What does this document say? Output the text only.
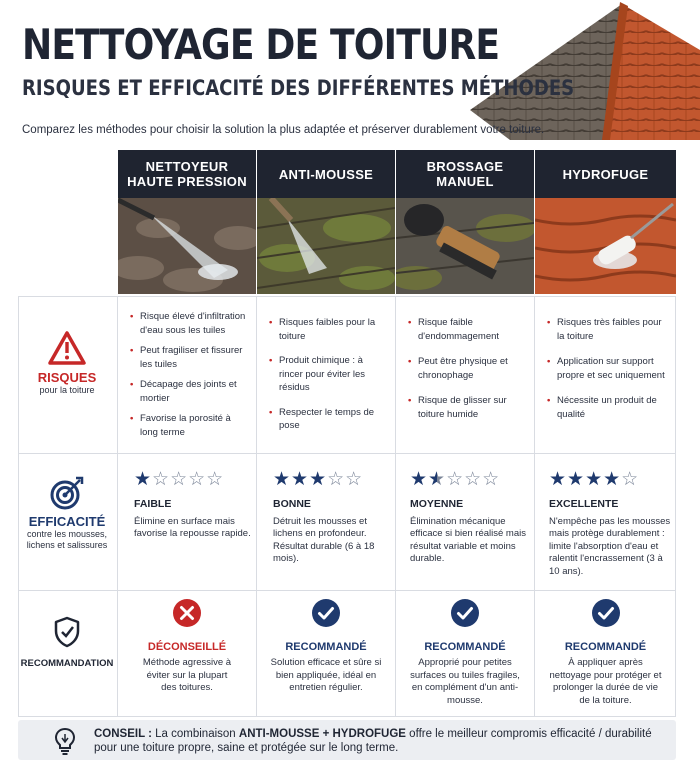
NETTOYAGE DE TOITURE
RISQUES ET EFFICACITÉ DES DIFFÉRENTES MÉTHODES
Comparez les méthodes pour choisir la solution la plus adaptée et préserver durablement votre toiture.
NETTOYEUR
HAUTE PRESSION ANTI-MOUSSE	BROSSAGE
MANUEL	HYDROFUGE
RISQUES
pour la toiture
• Risque élevé d'infiltration d'eau sous les tuiles
• Peut fragiliser et fissurer les tuiles
• Décapage des joints et mortier
• Favorise la porosité à long terme
• Risques faibles pour la toiture
• Produit chimique : à rincer pour éviter les résidus
• Respecter le temps de pose
• Risque faible d'endommagement
• Peut être physique et chronophage
• Risque de glisser sur toiture humide
• Risques très faibles pour la toiture
• Application sur support propre et sec uniquement
• Nécessite un produit de qualité
EFFICACITÉ
contre les mousses, lichens et salissures
★☆☆☆☆
FAIBLE
Élimine en surface mais favorise la repousse rapide.
★★★☆☆
BONNE
Détruit les mousses et lichens en profondeur. Résultat durable (6 à 18 mois).
★★☆☆☆
MOYENNE
Élimination mécanique efficace si bien réalisé mais résultat variable et moins durable.
★★★★☆
EXCELLENTE
N'empêche pas les mousses mais protège durablement : limite l'absorption d'eau et ralentit l'encrassement (3 à 10 ans).
RECOMMANDATION
DÉCONSEILLÉ
Méthode agressive à éviter sur la plupart des toitures.
RECOMMANDÉ
Solution efficace et sûre si bien appliquée, idéal en entretien régulier.
RECOMMANDÉ
Approprié pour petites surfaces ou tuiles fragiles, en complément d'un anti-mousse.
RECOMMANDÉ
À appliquer après nettoyage pour protéger et prolonger la durée de vie de la toiture.
CONSEIL : La combinaison ANTI-MOUSSE + HYDROFUGE offre le meilleur compromis efficacité / durabilité pour une toiture propre, saine et protégée sur le long terme.
